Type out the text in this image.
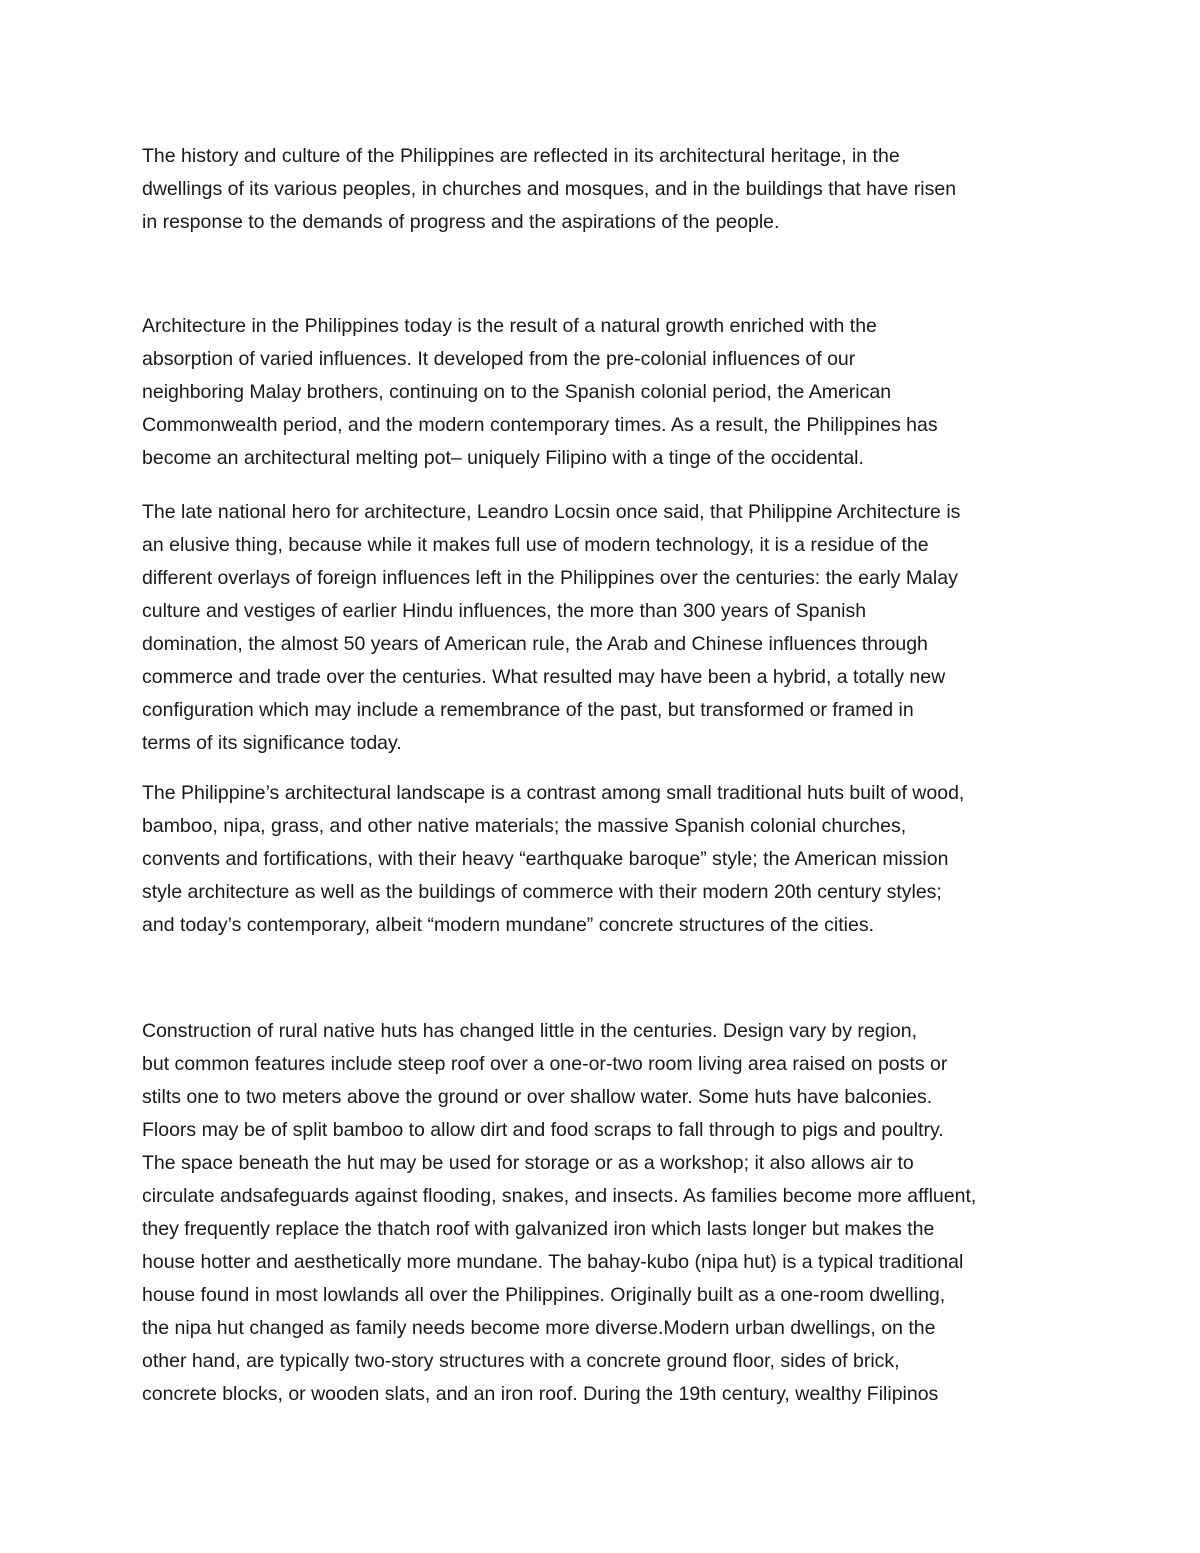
The history and culture of the Philippines are reflected in its architectural heritage, in the
dwellings of its various peoples, in churches and mosques, and in the buildings that have risen
in response to the demands of progress and the aspirations of the people.

Architecture in the Philippines today is the result of a natural growth enriched with the
absorption of varied influences. It developed from the pre-colonial influences of our
neighboring Malay brothers, continuing on to the Spanish colonial period, the American
Commonwealth period, and the modern contemporary times. As a result, the Philippines has
become an architectural melting pot– uniquely Filipino with a tinge of the occidental.

The late national hero for architecture, Leandro Locsin once said, that Philippine Architecture is
an elusive thing, because while it makes full use of modern technology, it is a residue of the
different overlays of foreign influences left in the Philippines over the centuries: the early Malay
culture and vestiges of earlier Hindu influences, the more than 300 years of Spanish
domination, the almost 50 years of American rule, the Arab and Chinese influences through
commerce and trade over the centuries. What resulted may have been a hybrid, a totally new
configuration which may include a remembrance of the past, but transformed or framed in
terms of its significance today.

The Philippine’s architectural landscape is a contrast among small traditional huts built of wood,
bamboo, nipa, grass, and other native materials; the massive Spanish colonial churches,
convents and fortifications, with their heavy “earthquake baroque” style; the American mission
style architecture as well as the buildings of commerce with their modern 20th century styles;
and today’s contemporary, albeit “modern mundane” concrete structures of the cities.

Construction of rural native huts has changed little in the centuries. Design vary by region,
but common features include steep roof over a one-or-two room living area raised on posts or
stilts one to two meters above the ground or over shallow water. Some huts have balconies.
Floors may be of split bamboo to allow dirt and food scraps to fall through to pigs and poultry.
The space beneath the hut may be used for storage or as a workshop; it also allows air to
circulate andsafeguards against flooding, snakes, and insects. As families become more affluent,
they frequently replace the thatch roof with galvanized iron which lasts longer but makes the
house hotter and aesthetically more mundane. The bahay-kubo (nipa hut) is a typical traditional
house found in most lowlands all over the Philippines. Originally built as a one-room dwelling,
the nipa hut changed as family needs become more diverse.Modern urban dwellings, on the
other hand, are typically two-story structures with a concrete ground floor, sides of brick,
concrete blocks, or wooden slats, and an iron roof. During the 19th century, wealthy Filipinos
